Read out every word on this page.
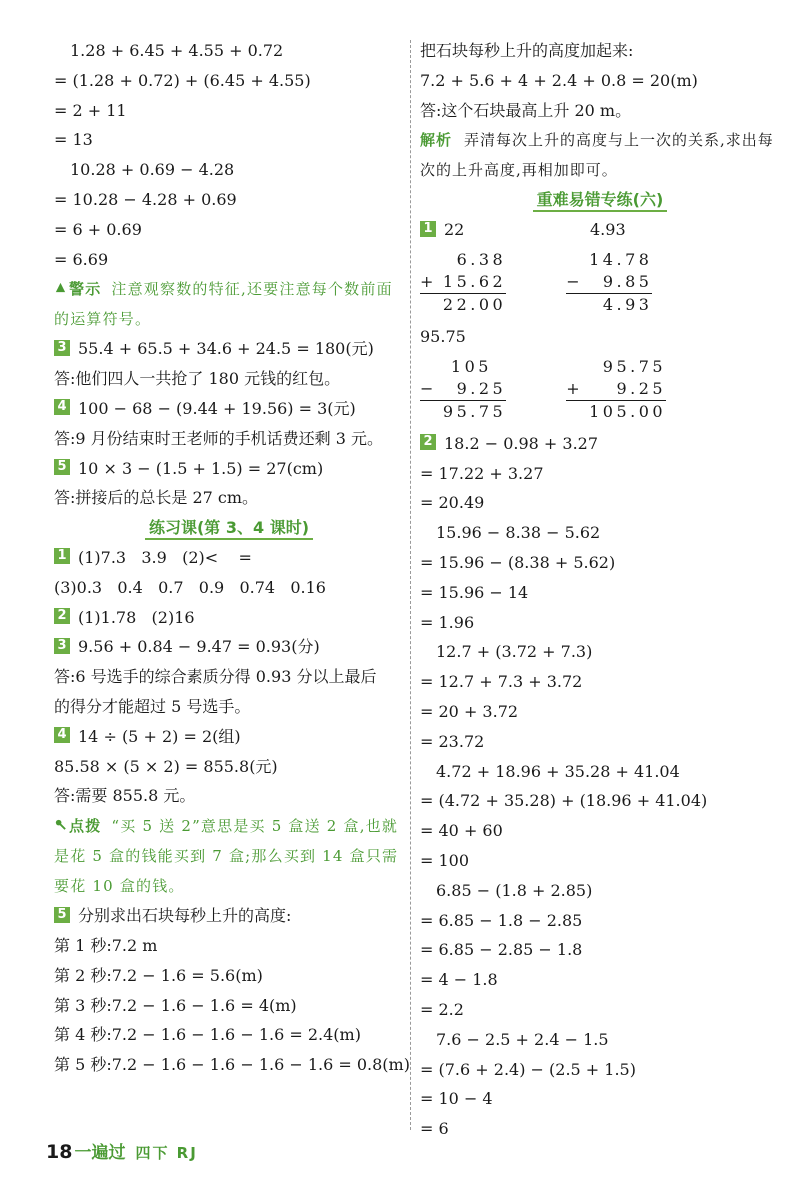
1.28 + 6.45 + 4.55 + 0.72
= (1.28 + 0.72) + (6.45 + 4.55)
= 2 + 11
= 13
10.28 + 0.69 − 4.28
= 10.28 − 4.28 + 0.69
= 6 + 0.69
= 6.69
警示 注意观察数的特征,还要注意每个数前面的运算符号。
3 55.4 + 65.5 + 34.6 + 24.5 = 180(元)
答:他们四人一共抢了 180 元钱的红包。
4 100 − 68 − (9.44 + 19.56) = 3(元)
答:9 月份结束时王老师的手机话费还剩 3 元。
5 10 × 3 − (1.5 + 1.5) = 27(cm)
答:拼接后的总长是 27 cm。
练习课(第 3、4 课时)
1 (1)7.3   3.9   (2)<    =
(3)0.3   0.4   0.7   0.9   0.74   0.16
2 (1)1.78   (2)16
3 9.56 + 0.84 − 9.47 = 0.93(分)
答:6 号选手的综合素质分得 0.93 分以上最后
的得分才能超过 5 号选手。
4 14 ÷ (5 + 2) = 2(组)
85.58 × (5 × 2) = 855.8(元)
答:需要 855.8 元。
点拨 “买 5 送 2”意思是买 5 盒送 2 盒,也就是花 5 盒的钱能买到 7 盒;那么买到 14 盒只需要花 10 盒的钱。
5 分别求出石块每秒上升的高度:
第 1 秒:7.2 m
第 2 秒:7.2 − 1.6 = 5.6(m)
第 3 秒:7.2 − 1.6 − 1.6 = 4(m)
第 4 秒:7.2 − 1.6 − 1.6 − 1.6 = 2.4(m)
第 5 秒:7.2 − 1.6 − 1.6 − 1.6 − 1.6 = 0.8(m)
把石块每秒上升的高度加起来:
7.2 + 5.6 + 4 + 2.4 + 0.8 = 20(m)
答:这个石块最高上升 20 m。
解析 弄清每次上升的高度与上一次的关系,求出每次的上升高度,再相加即可。
重难易错专练(六)
1 22	4.93
	6.38
+	15.62
	22.00
	14.78
−	9.85
	4.93
95.75
	105
−	9.25
	95.75
	95.75
+	9.25
	105.00
2 18.2 − 0.98 + 3.27
= 17.22 + 3.27
= 20.49
15.96 − 8.38 − 5.62
= 15.96 − (8.38 + 5.62)
= 15.96 − 14
= 1.96
12.7 + (3.72 + 7.3)
= 12.7 + 7.3 + 3.72
= 20 + 3.72
= 23.72
4.72 + 18.96 + 35.28 + 41.04
= (4.72 + 35.28) + (18.96 + 41.04)
= 40 + 60
= 100
6.85 − (1.8 + 2.85)
= 6.85 − 1.8 − 2.85
= 6.85 − 2.85 − 1.8
= 4 − 1.8
= 2.2
7.6 − 2.5 + 2.4 − 1.5
= (7.6 + 2.4) − (2.5 + 1.5)
= 10 − 4
= 6
18 一遍过 四下 RJ
